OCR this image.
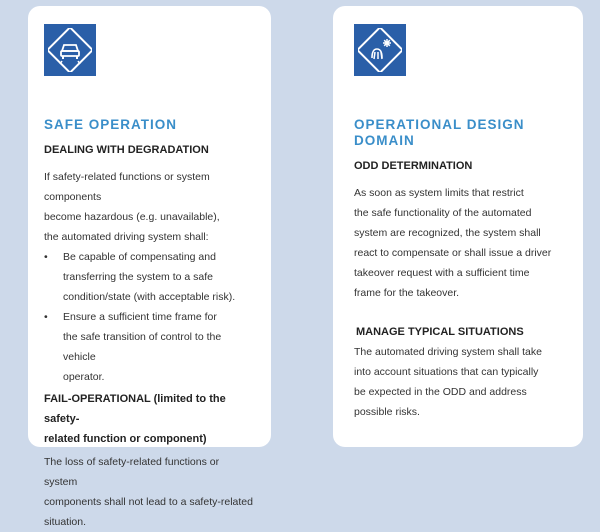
SAFE OPERATION
DEALING WITH DEGRADATION
If safety-related functions or system components
become hazardous (e.g. unavailable),
the automated driving system shall:
• Be capable of compensating and
transferring the system to a safe
condition/state (with acceptable risk).
• Ensure a sufficient time frame for
the safe transition of control to the vehicle
operator.
FAIL-OPERATIONAL (limited to the safety-
related function or component)
The loss of safety-related functions or system
components shall not lead to a safety-related
situation.
OPERATIONAL DESIGN DOMAIN
ODD DETERMINATION
As soon as system limits that restrict
the safe functionality of the automated
system are recognized, the system shall
react to compensate or shall issue a driver
takeover request with a sufficient time
frame for the takeover.
MANAGE TYPICAL SITUATIONS
The automated driving system shall take
into account situations that can typically
be expected in the ODD and address
possible risks.
